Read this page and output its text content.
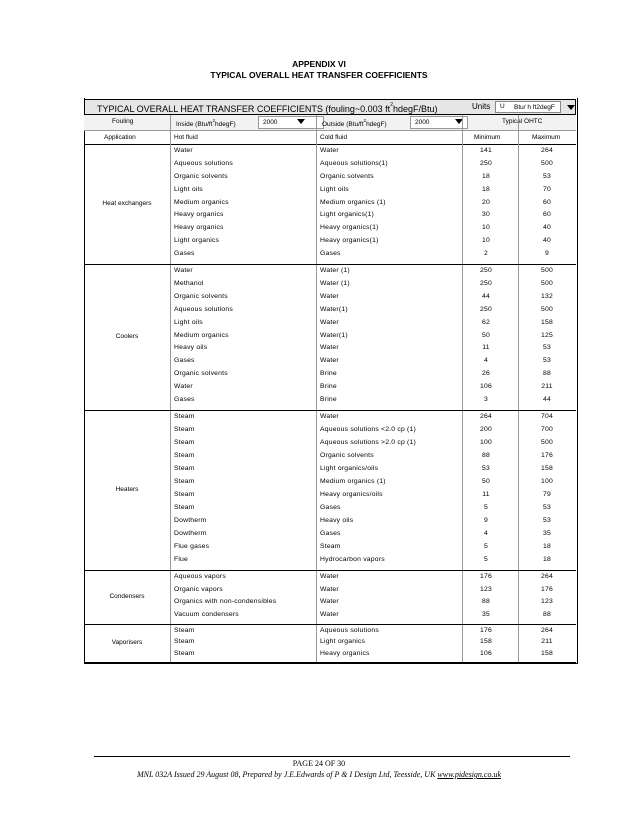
APPENDIX VI
TYPICAL OVERALL HEAT TRANSFER COEFFICIENTS
TYPICAL OVERALL HEAT TRANSFER COEFFICIENTS (fouling~0.003 $ft^2hdegF/Btu$)	Units U Btu/ h ft2degF
Fouling	Inside $(Btu/ft^2hdegF)$	2000	Outside $(Btu/ft^2hdegF)$	2000	Typical OHTC
Application	Hot fluid	Cold fluid	Minimum	Maximum
Heat exchangers
Water	Water	141	264
Aqueous solutions	Aqueous solutions(1)	250	500
Organic solvents	Organic solvents	18	53
Light oils	Light oils	18	70
Medium organics	Medium organics (1)	20	60
Heavy organics	Light organics(1)	30	60
Heavy organics	Heavy organics(1)	10	40
Light organics	Heavy organics(1)	10	40
Gases	Gases	2	9
Coolers
Water	Water (1)	250	500
Methanol	Water (1)	250	500
Organic solvents	Water	44	132
Aqueous solutions	Water(1)	250	500
Light oils	Water	62	158
Medium organics	Water(1)	50	125
Heavy oils	Water	11	53
Gases	Water	4	53
Organic solvents	Brine	26	88
Water	Brine	106	211
Gases	Brine	3	44
Heaters
Steam	Water	264	704
Steam	Aqueous solutions <2.0 cp (1)	200	700
Steam	Aqueous solutions >2.0 cp (1)	100	500
Steam	Organic solvents	88	176
Steam	Light organics/oils	53	158
Steam	Medium organics (1)	50	100
Steam	Heavy organics/oils	11	79
Steam	Gases	5	53
Dowtherm	Heavy oils	9	53
Dowtherm	Gases	4	35
Flue gases	Steam	5	18
Flue	Hydrocarbon vapors	5	18
Condensers
Aqueous vapors	Water	176	264
Organic vapors	Water	123	176
Organics with non-condensibles	Water	88	123
Vacuum condensers	Water	35	88
Vaporisers
Steam	Aqueous solutions	176	264
Steam	Light organics	158	211
Steam	Heavy organics	106	158
PAGE 24 OF 30
MNL 032A Issued 29 August 08, Prepared by J.E.Edwards of P & I Design Ltd, Teesside, UK www.pidesign.co.uk
